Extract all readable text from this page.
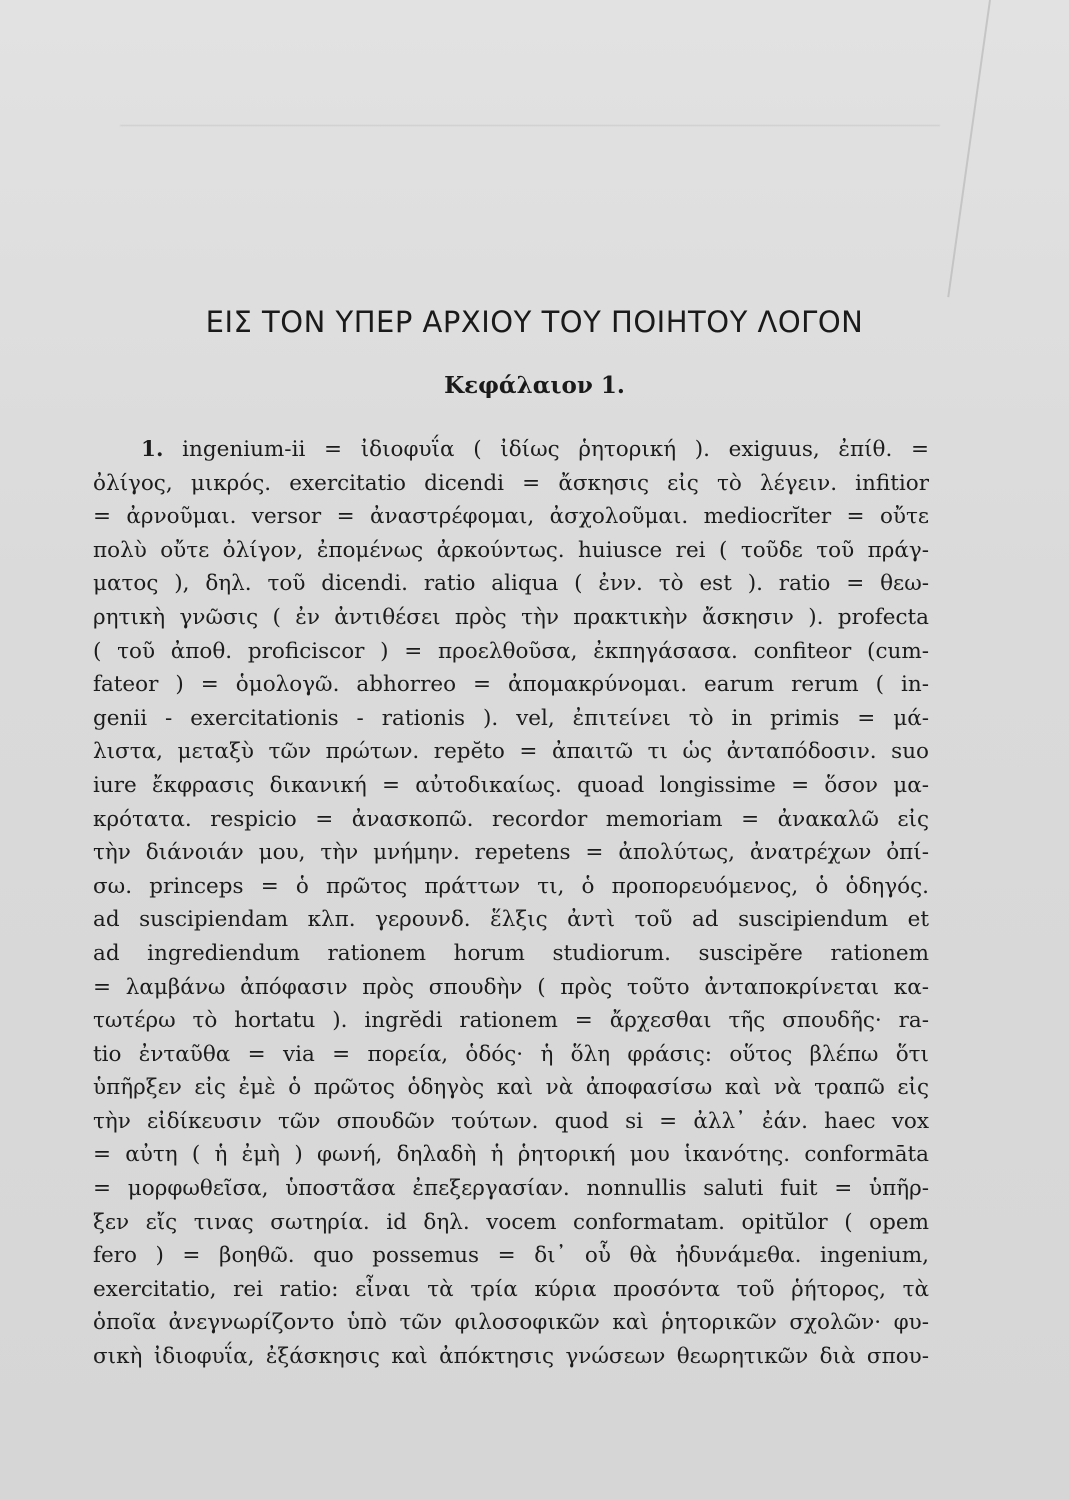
ΕΙΣ ΤΟΝ ΥΠΕΡ ΑΡΧΙΟΥ ΤΟΥ ΠΟΙΗΤΟΥ ΛΟΓΟΝ
Κεφάλαιον 1.
1. ingenium-ii = ἰδιοφυΐα ( ἰδίως ῥητορική ). exiguus, ἐπίθ. =
ὀλίγος, μικρός. exercitatio dicendi = ἄσκησις εἰς τὸ λέγειν. infitior
= ἀρνοῦμαι. versor = ἀναστρέφομαι, ἀσχολοῦμαι. mediocrĭter = οὔτε
πολὺ οὔτε ὀλίγον, ἐπομένως ἀρκούντως. huiusce rei ( τοῦδε τοῦ πράγ-
ματος ), δηλ. τοῦ dicendi. ratio aliqua ( ἐνν. τὸ est ). ratio = θεω-
ρητικὴ γνῶσις ( ἐν ἀντιθέσει πρὸς τὴν πρακτικὴν ἄσκησιν ). profecta
( τοῦ ἀποθ. proficiscor ) = προελθοῦσα, ἐκπηγάσασα. confiteor (cum-
fateor ) = ὁμολογῶ. abhorreo = ἀπομακρύνομαι. earum rerum ( in-
genii - exercitationis - rationis ). vel, ἐπιτείνει τὸ in primis = μά-
λιστα, μεταξὺ τῶν πρώτων. repĕto = ἀπαιτῶ τι ὡς ἀνταπόδοσιν. suo
iure ἔκφρασις δικανική = αὐτοδικαίως. quoad longissime = ὅσον μα-
κρότατα. respicio = ἀνασκοπῶ. recordor memoriam = ἀνακαλῶ εἰς
τὴν διάνοιάν μου, τὴν μνήμην. repetens = ἀπολύτως, ἀνατρέχων ὀπί-
σω. princeps = ὁ πρῶτος πράττων τι, ὁ προπορευόμενος, ὁ ὁδηγός.
ad suscipiendam κλπ. γερουνδ. ἕλξις ἀντὶ τοῦ ad suscipiendum et
ad ingrediendum rationem horum studiorum. suscipĕre rationem
= λαμβάνω ἀπόφασιν πρὸς σπουδὴν ( πρὸς τοῦτο ἀνταποκρίνεται κα-
τωτέρω τὸ hortatu ). ingrĕdi rationem = ἄρχεσθαι τῆς σπουδῆς· ra-
tio ἐνταῦθα = via = πορεία, ὁδός· ἡ ὅλη φράσις: οὕτος βλέπω ὅτι
ὑπῆρξεν εἰς ἐμὲ ὁ πρῶτος ὁδηγὸς καὶ νὰ ἀποφασίσω καὶ νὰ τραπῶ εἰς
τὴν εἰδίκευσιν τῶν σπουδῶν τούτων. quod si = ἀλλ᾽ ἐάν. haec vox
= αὐτη ( ἡ ἐμὴ ) φωνή, δηλαδὴ ἡ ῥητορική μου ἱκανότης. conformāta
= μορφωθεῖσα, ὑποστᾶσα ἐπεξεργασίαν. nonnullis saluti fuit = ὑπῆρ-
ξεν εἴς τινας σωτηρία. id δηλ. vocem conformatam. opitŭlor ( opem
fero ) = βοηθῶ. quo possemus = δι᾽ οὗ θὰ ἠδυνάμεθα. ingenium,
exercitatio, rei ratio: εἶναι τὰ τρία κύρια προσόντα τοῦ ῥήτορος, τὰ
ὁποῖα ἀνεγνωρίζοντο ὑπὸ τῶν φιλοσοφικῶν καὶ ῥητορικῶν σχολῶν· φυ-
σικὴ ἰδιοφυΐα, ἐξάσκησις καὶ ἀπόκτησις γνώσεων θεωρητικῶν διὰ σπου-
